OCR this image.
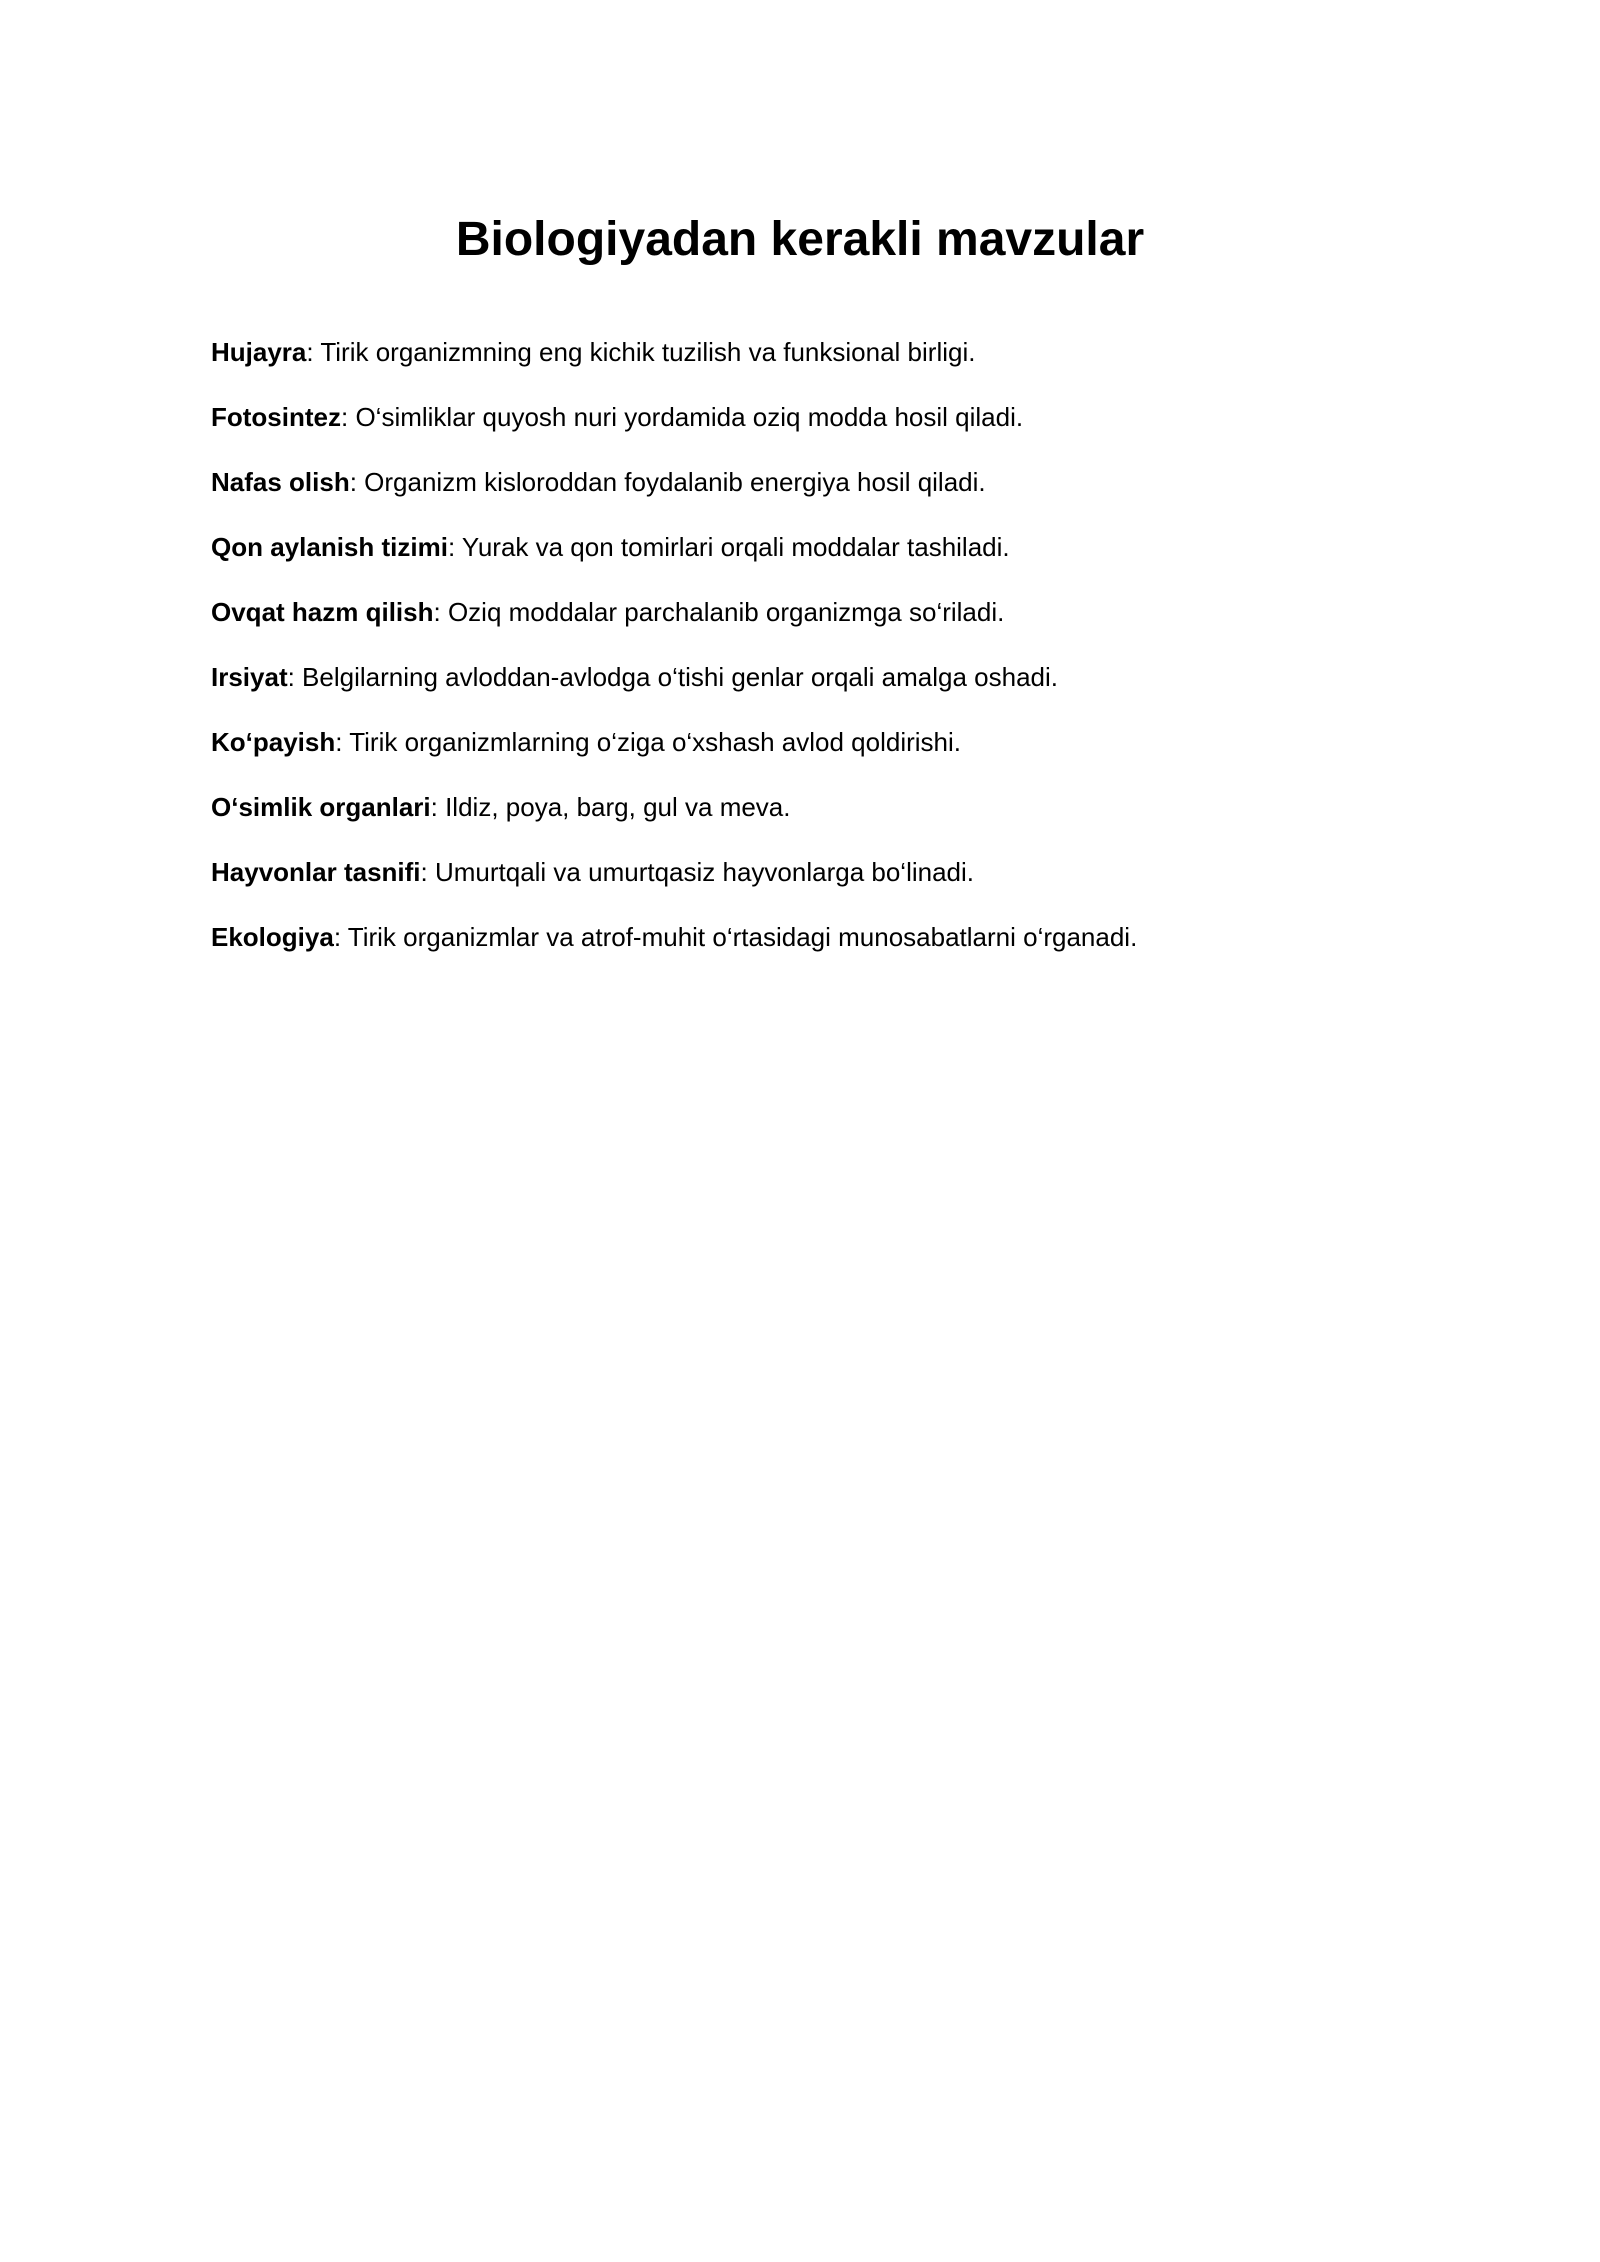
Biologiyadan kerakli mavzular
Hujayra: Tirik organizmning eng kichik tuzilish va funksional birligi.
Fotosintez: O‘simliklar quyosh nuri yordamida oziq modda hosil qiladi.
Nafas olish: Organizm kisloroddan foydalanib energiya hosil qiladi.
Qon aylanish tizimi: Yurak va qon tomirlari orqali moddalar tashiladi.
Ovqat hazm qilish: Oziq moddalar parchalanib organizmga so‘riladi.
Irsiyat: Belgilarning avloddan-avlodga o‘tishi genlar orqali amalga oshadi.
Ko‘payish: Tirik organizmlarning o‘ziga o‘xshash avlod qoldirishi.
O‘simlik organlari: Ildiz, poya, barg, gul va meva.
Hayvonlar tasnifi: Umurtqali va umurtqasiz hayvonlarga bo‘linadi.
Ekologiya: Tirik organizmlar va atrof-muhit o‘rtasidagi munosabatlarni o‘rganadi.
